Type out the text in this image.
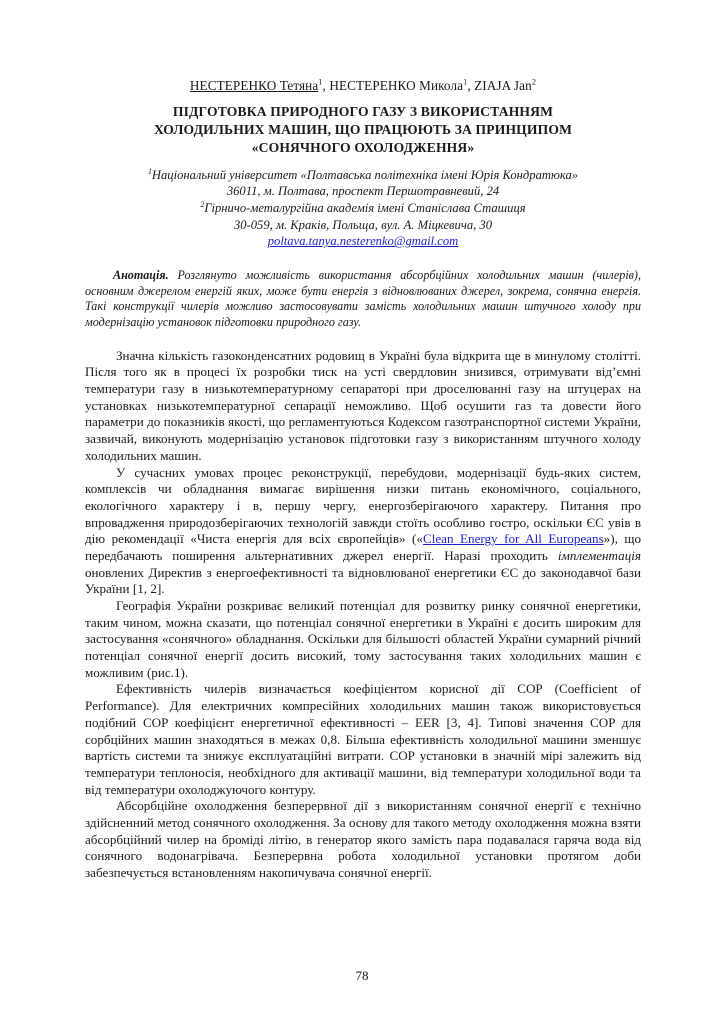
НЕСТЕРЕНКО Тетяна$^1$, НЕСТЕРЕНКО Микола$^1$, ZIAJA Jan$^2$
ПІДГОТОВКА ПРИРОДНОГО ГАЗУ З ВИКОРИСТАННЯМ
ХОЛОДИЛЬНИХ МАШИН, ЩО ПРАЦЮЮТЬ ЗА ПРИНЦИПОМ
«СОНЯЧНОГО ОХОЛОДЖЕННЯ»
$^1$Національний університет «Полтавська політехніка імені Юрія Кондратюка»
36011, м. Полтава, проспект Першотравневий, 24
$^2$Гірничо-металургійна академія імені Станіслава Сташиця
30-059, м. Краків, Польща, вул. А. Міцкевича, 30
poltava.tanya.nesterenko@gmail.com

Анотація. Розглянуто можливість використання абсорбційних холодильних машин (чилерів), основним джерелом енергій яких, може бути енергія з відновлюваних джерел, зокрема, сонячна енергія. Такі конструкції чилерів можливо застосовувати замість холодильних машин штучного холоду при модернізацію установок підготовки природного газу.

Значна кількість газоконденсатних родовищ в Україні була відкрита ще в минулому столітті. Після того як в процесі їх розробки тиск на усті свердловин знизився, отримувати від’ємні температури газу в низькотемпературному сепараторі при дроселюванні газу на штуцерах на установках низькотемпературної сепарації неможливо. Щоб осушити газ та довести його параметри до показників якості, що регламентуються Кодексом газотранспортної системи України, зазвичай, виконують модернізацію установок підготовки газу з використанням штучного холоду холодильних машин.

У сучасних умовах процес реконструкції, перебудови, модернізації будь-яких систем, комплексів чи обладнання вимагає вирішення низки питань економічного, соціального, екологічного характеру і в, першу чергу, енергозберігаючого характеру. Питання про впровадження природозберігаючих технологій завжди стоїть особливо гостро, оскільки ЄС увів в дію рекомендації «Чиста енергія для всіх європейців» («Clean Energy for All Europeans»), що передбачають поширення альтернативних джерел енергії. Наразі проходить імплементація оновлених Директив з енергоефективності та відновлюваної енергетики ЄС до законодавчої бази України [1, 2].

Географія України розкриває великий потенціал для розвитку ринку сонячної енергетики, таким чином, можна сказати, що потенціал сонячної енергетики в Україні є досить широким для застосування «сонячного» обладнання. Оскільки для більшості областей України сумарний річний потенціал сонячної енергії досить високий, тому застосування таких холодильних машин є можливим (рис.1).

Ефективність чилерів визначається коефіцієнтом корисної дії COP (Coefficient of Performance). Для електричних компресійних холодильних машин також використовується подібний COP коефіцієнт енергетичної ефективності – EER [3, 4]. Типові значення COP для сорбційних машин знаходяться в межах 0,8. Більша ефективність холодильної машини зменшує вартість системи та знижує експлуатаційні витрати. COP установки в значній мірі залежить від температури теплоносія, необхідного для активації машини, від температури холодильної води та від температури охолоджуючого контуру.

Абсорбційне охолодження безперервної дії з використанням сонячної енергії є технічно здійсненний метод сонячного охолодження. За основу для такого методу охолодження можна взяти абсорбційний чилер на броміді літію, в генератор якого замість пара подавалася гаряча вода від сонячного водонагрівача. Безперервна робота холодильної установки протягом доби забезпечується встановленням накопичувача сонячної енергії.

78
